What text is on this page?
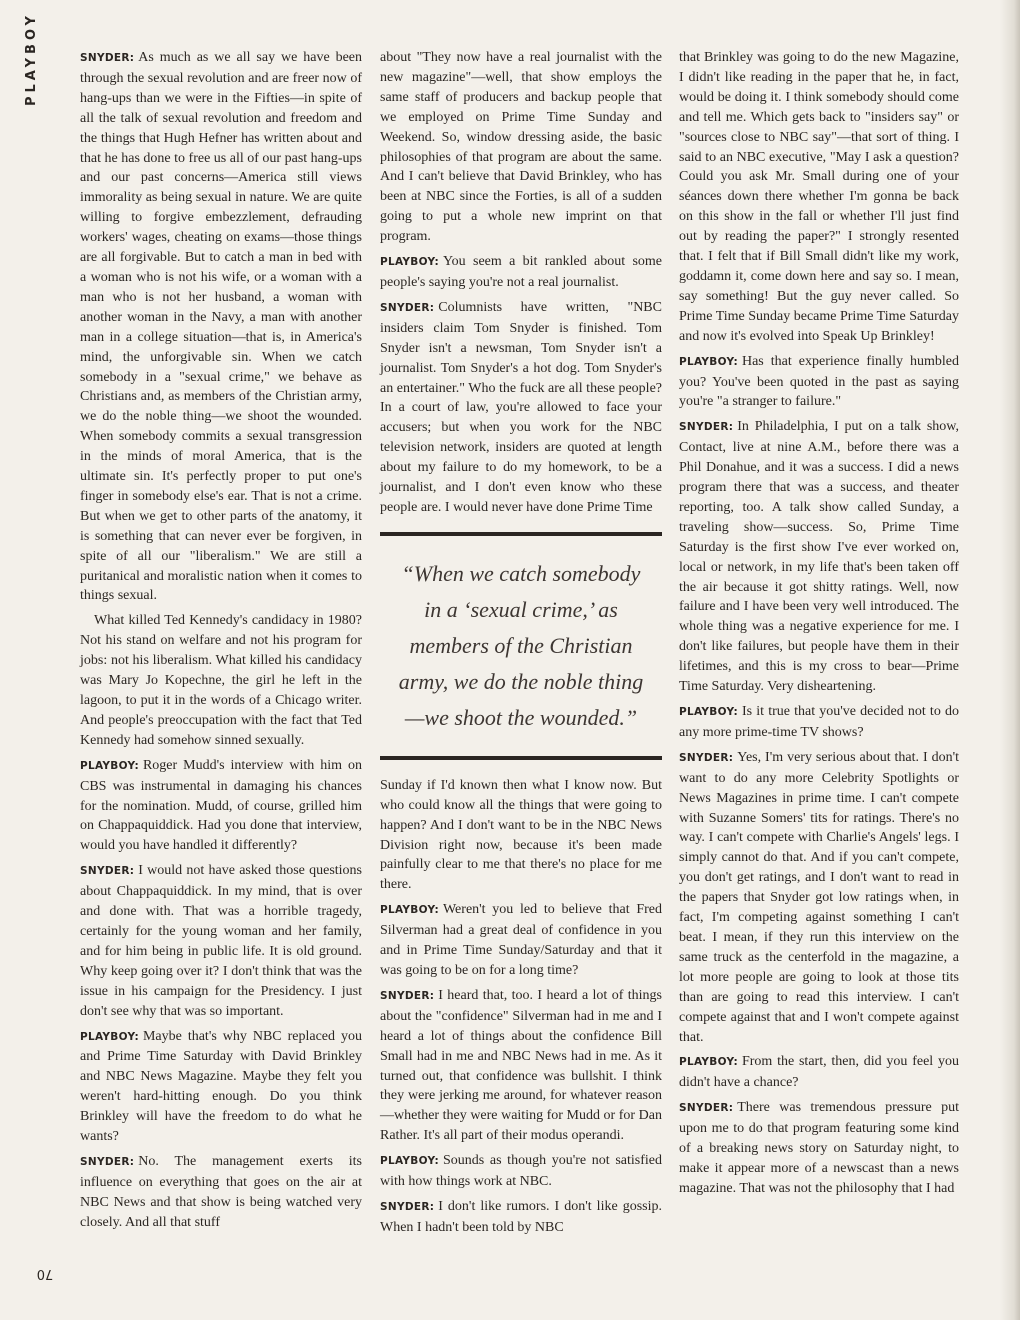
PLAYBOY
70

SNYDER: As much as we all say we have been through the sexual revolution and are freer now of hang-ups than we were in the Fifties—in spite of all the talk of sexual revolution and freedom and the things that Hugh Hefner has written about and that he has done to free us all of our past hang-ups and our past concerns—America still views immorality as being sexual in nature. We are quite willing to forgive embezzlement, defrauding workers' wages, cheating on exams—those things are all forgivable. But to catch a man in bed with a woman who is not his wife, or a woman with a man who is not her husband, a woman with another woman in the Navy, a man with another man in a college situation—that is, in America's mind, the unforgivable sin. When we catch somebody in a "sexual crime," we behave as Christians and, as members of the Christian army, we do the noble thing—we shoot the wounded. When somebody commits a sexual transgression in the minds of moral America, that is the ultimate sin. It's perfectly proper to put one's finger in somebody else's ear. That is not a crime. But when we get to other parts of the anatomy, it is something that can never ever be forgiven, in spite of all our "liberalism." We are still a puritanical and moralistic nation when it comes to things sexual.

What killed Ted Kennedy's candidacy in 1980? Not his stand on welfare and not his program for jobs: not his liberalism. What killed his candidacy was Mary Jo Kopechne, the girl he left in the lagoon, to put it in the words of a Chicago writer. And people's preoccupation with the fact that Ted Kennedy had somehow sinned sexually.

PLAYBOY: Roger Mudd's interview with him on CBS was instrumental in damaging his chances for the nomination. Mudd, of course, grilled him on Chappaquiddick. Had you done that interview, would you have handled it differently?

SNYDER: I would not have asked those questions about Chappaquiddick. In my mind, that is over and done with. That was a horrible tragedy, certainly for the young woman and her family, and for him being in public life. It is old ground. Why keep going over it? I don't think that was the issue in his campaign for the Presidency. I just don't see why that was so important.

PLAYBOY: Maybe that's why NBC replaced you and Prime Time Saturday with David Brinkley and NBC News Magazine. Maybe they felt you weren't hard-hitting enough. Do you think Brinkley will have the freedom to do what he wants?

SNYDER: No. The management exerts its influence on everything that goes on the air at NBC News and that show is being watched very closely. And all that stuff

about "They now have a real journalist with the new magazine"—well, that show employs the same staff of producers and backup people that we employed on Prime Time Sunday and Weekend. So, window dressing aside, the basic philosophies of that program are about the same. And I can't believe that David Brinkley, who has been at NBC since the Forties, is all of a sudden going to put a whole new imprint on that program.

PLAYBOY: You seem a bit rankled about some people's saying you're not a real journalist.

SNYDER: Columnists have written, "NBC insiders claim Tom Snyder is finished. Tom Snyder isn't a newsman, Tom Snyder isn't a journalist. Tom Snyder's a hot dog. Tom Snyder's an entertainer." Who the fuck are all these people? In a court of law, you're allowed to face your accusers; but when you work for the NBC television network, insiders are quoted at length about my failure to do my homework, to be a journalist, and I don't even know who these people are. I would never have done Prime Time

“When we catch somebody in a ‘sexual crime,’ as members of the Christian army, we do the noble thing—we shoot the wounded.”

Sunday if I'd known then what I know now. But who could know all the things that were going to happen? And I don't want to be in the NBC News Division right now, because it's been made painfully clear to me that there's no place for me there.

PLAYBOY: Weren't you led to believe that Fred Silverman had a great deal of confidence in you and in Prime Time Sunday/Saturday and that it was going to be on for a long time?

SNYDER: I heard that, too. I heard a lot of things about the "confidence" Silverman had in me and I heard a lot of things about the confidence Bill Small had in me and NBC News had in me. As it turned out, that confidence was bullshit. I think they were jerking me around, for whatever reason—whether they were waiting for Mudd or for Dan Rather. It's all part of their modus operandi.

PLAYBOY: Sounds as though you're not satisfied with how things work at NBC.

SNYDER: I don't like rumors. I don't like gossip. When I hadn't been told by NBC

that Brinkley was going to do the new Magazine, I didn't like reading in the paper that he, in fact, would be doing it. I think somebody should come and tell me. Which gets back to "insiders say" or "sources close to NBC say"—that sort of thing. I said to an NBC executive, "May I ask a question? Could you ask Mr. Small during one of your séances down there whether I'm gonna be back on this show in the fall or whether I'll just find out by reading the paper?" I strongly resented that. I felt that if Bill Small didn't like my work, goddamn it, come down here and say so. I mean, say something! But the guy never called. So Prime Time Sunday became Prime Time Saturday and now it's evolved into Speak Up Brinkley!

PLAYBOY: Has that experience finally humbled you? You've been quoted in the past as saying you're "a stranger to failure."

SNYDER: In Philadelphia, I put on a talk show, Contact, live at nine A.M., before there was a Phil Donahue, and it was a success. I did a news program there that was a success, and theater reporting, too. A talk show called Sunday, a traveling show—success. So, Prime Time Saturday is the first show I've ever worked on, local or network, in my life that's been taken off the air because it got shitty ratings. Well, now failure and I have been very well introduced. The whole thing was a negative experience for me. I don't like failures, but people have them in their lifetimes, and this is my cross to bear—Prime Time Saturday. Very disheartening.

PLAYBOY: Is it true that you've decided not to do any more prime-time TV shows?

SNYDER: Yes, I'm very serious about that. I don't want to do any more Celebrity Spotlights or News Magazines in prime time. I can't compete with Suzanne Somers' tits for ratings. There's no way. I can't compete with Charlie's Angels' legs. I simply cannot do that. And if you can't compete, you don't get ratings, and I don't want to read in the papers that Snyder got low ratings when, in fact, I'm competing against something I can't beat. I mean, if they run this interview on the same truck as the centerfold in the magazine, a lot more people are going to look at those tits than are going to read this interview. I can't compete against that and I won't compete against that.

PLAYBOY: From the start, then, did you feel you didn't have a chance?

SNYDER: There was tremendous pressure put upon me to do that program featuring some kind of a breaking news story on Saturday night, to make it appear more of a newscast than a news magazine. That was not the philosophy that I had
